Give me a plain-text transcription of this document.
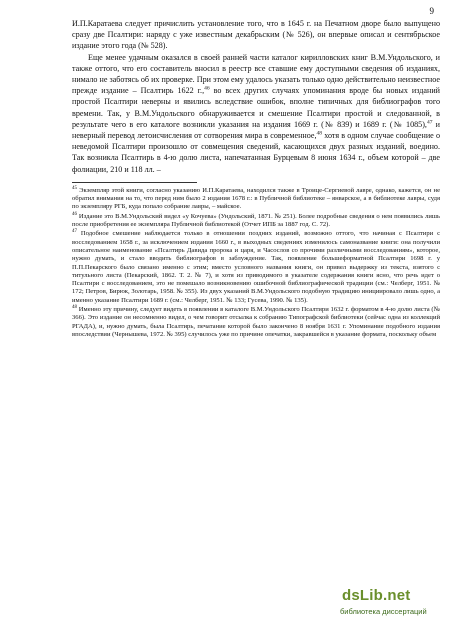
9

И.П.Каратаева следует причислить установление того, что в 1645 г. на Печатном дворе было выпущено сразу две Псалтири: наряду с уже известным декабрьским (№ 526), он впервые описал и сентябрьское издание этого года (№ 528).

Еще менее удачным оказался в своей ранней части каталог кирилловских книг В.М.Ундольского, и также оттого, что его составитель вносил в реестр все ставшие ему доступными сведения об изданиях, нимало не заботясь об их проверке. При этом ему удалось указать только одно действительно неизвестное прежде издание – Псалтирь 1622 г.,$^{46}$ во всех других случаях упоминания вроде бы новых изданий простой Псалтири неверны и явились вследствие ошибок, вполне типичных для библиографов того времени. Так, у В.М.Ундольского обнаруживается и смешение Псалтири простой и следованной, в результате чего в его каталоге возникли указания на издания 1669 г. (№ 839) и 1689 г. (№ 1085),$^{47}$ и неверный перевод летоисчисления от сотворения мира в современное,$^{48}$ хотя в одном случае сообщение о неведомой Псалтири произошло от совмещения сведений, касающихся двух разных изданий, воедино. Так возникла Псалтирь в 4-ю долю листа, напечатанная Бурцевым 8 июня 1634 г., объем которой – две фолиации, 210 и 118 лл. –

$^{45}$ Экземпляр этой книги, согласно указанию И.П.Каратаева, находился также в Троице-Сергиевой лавре, однако, кажется, он не обратил внимания на то, что перед ним было 2 издания 1678 г.: в Публичной библиотеке – январское, а в библиотеке лавры, судя по экземпляру РГБ, куда попало собрание лавры, – майское.

$^{46}$ Издание это В.М.Ундольский видел «у Кочуева» (Ундольский, 1871. № 251). Более подробные сведения о нем появились лишь после приобретения ее экземпляра Публичной библиотекой (Отчет ИПБ за 1887 год. С. 72).

$^{47}$ Подобное смешение наблюдается только в отношении поздних изданий, возможно оттого, что начиная с Псалтири с восследованием 1658 г., за исключением издания 1660 г., в выходных сведениях изменилось самоназвание книги: она получили описательное наименование «Псалтирь Давида пророка и царя, и Часослов со прочими различными восследованиям», которое, нужно думать, и стало вводить библиографов в заблуждение. Так, появление большеформатной Псалтири 1698 г. у П.П.Пекарского было связано именно с этим; вместо условного названия книги, он привел выдержку из текста, взятого с титульного листа (Пекарский, 1862. Т. 2. № 7), и хотя из приводимого в указателе содержания книги ясно, что речь идет о Псалтири с восследованием, это не помешало возникновению ошибочной библиографической традиции (см.: Челберг, 1951. № 172; Петров, Бирюк, Золотарь, 1958. № 355). Из двух указаний В.М.Ундольского подобную традицию инициировало лишь одно, а именно указание Псалтири 1689 г. (см.: Челберг, 1951. № 133; Гусева, 1990. № 135).

$^{48}$ Именно эту причину, следует видеть в появлении в каталоге В.М.Ундольского Псалтири 1632 г. форматом в 4-ю долю листа (№ 366). Это издание он несомненно видел, о чем говорит отсылка к собранию Типографской библиотеки (сейчас одна из коллекций РГАДА), и, нужно думать, была Псалтирь, печатание которой было закончено 8 ноября 1631 г. Упоминание подобного издания впоследствии (Чернышева, 1972. № 395) случилось уже по причине опечатки, закравшейся в указание формата, поскольку объем

dsLib.net
библиотека диссертаций
